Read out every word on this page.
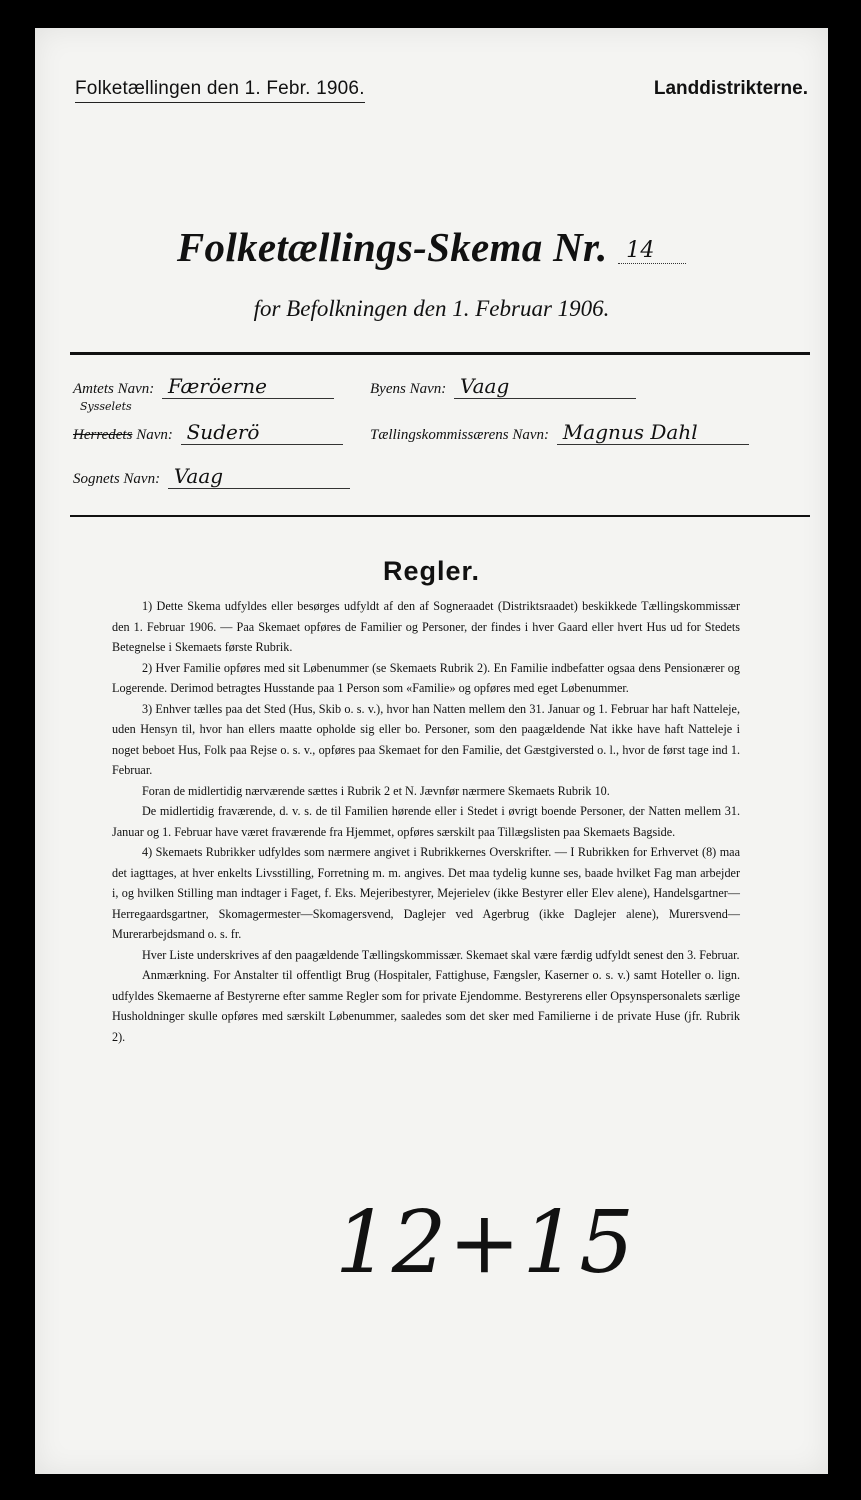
Folketællingen den 1. Febr. 1906.	Landdistrikterne.
Folketællings-Skema Nr. 14
for Befolkningen den 1. Februar 1906.
Amtets Navn: Færöerne	Byens Navn: Vaag
Sysselets
Herredets Navn: Suderö	Tællingskommissærens Navn: Magnus Dahl
Sognets Navn: Vaag
Regler.

1) Dette Skema udfyldes eller besørges udfyldt af den af Sogneraadet (Distriktsraadet) beskikkede Tællingskommissær den 1. Februar 1906. — Paa Skemaet opføres de Familier og Personer, der findes i hver Gaard eller hvert Hus ud for Stedets Betegnelse i Skemaets første Rubrik.

2) Hver Familie opføres med sit Løbenummer (se Skemaets Rubrik 2). En Familie indbefatter ogsaa dens Pensionærer og Logerende. Derimod betragtes Husstande paa 1 Person som «Familie» og opføres med eget Løbenummer.

3) Enhver tælles paa det Sted (Hus, Skib o. s. v.), hvor han Natten mellem den 31. Januar og 1. Februar har haft Natteleje, uden Hensyn til, hvor han ellers maatte opholde sig eller bo. Personer, som den paagældende Nat ikke have haft Natteleje i noget beboet Hus, Folk paa Rejse o. s. v., opføres paa Skemaet for den Familie, det Gæstgiversted o. l., hvor de først tage ind 1. Februar.

Foran de midlertidig nærværende sættes i Rubrik 2 et N. Jævnfør nærmere Skemaets Rubrik 10.

De midlertidig fraværende, d. v. s. de til Familien hørende eller i Stedet i øvrigt boende Personer, der Natten mellem 31. Januar og 1. Februar have været fraværende fra Hjemmet, opføres særskilt paa Tillægslisten paa Skemaets Bagside.

4) Skemaets Rubrikker udfyldes som nærmere angivet i Rubrikkernes Overskrifter. — I Rubrikken for Erhvervet (8) maa det iagttages, at hver enkelts Livsstilling, Forretning m. m. angives. Det maa tydelig kunne ses, baade hvilket Fag man arbejder i, og hvilken Stilling man indtager i Faget, f. Eks. Mejeribestyrer, Mejerielev (ikke Bestyrer eller Elev alene), Handelsgartner—Herregaardsgartner, Skomagermester—Skomagersvend, Daglejer ved Agerbrug (ikke Daglejer alene), Murersvend—Murerarbejdsmand o. s. fr.

Hver Liste underskrives af den paagældende Tællingskommissær. Skemaet skal være færdig udfyldt senest den 3. Februar.

Anmærkning. For Anstalter til offentligt Brug (Hospitaler, Fattighuse, Fængsler, Kaserner o. s. v.) samt Hoteller o. lign. udfyldes Skemaerne af Bestyrerne efter samme Regler som for private Ejendomme. Bestyrerens eller Opsynspersonalets særlige Husholdninger skulle opføres med særskilt Løbenummer, saaledes som det sker med Familierne i de private Huse (jfr. Rubrik 2).

12+15
